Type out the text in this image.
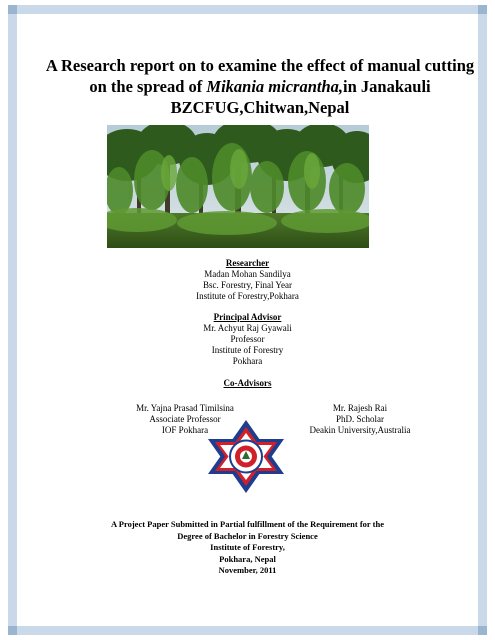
A Research report on to examine the effect of manual cutting
on the spread of Mikania micrantha,in Janakauli
BZCFUG,Chitwan,Nepal
Researcher
Madan Mohan Sandilya
Bsc. Forestry, Final Year
Institute of Forestry,Pokhara
Principal Advisor
Mr. Achyut Raj Gyawali
Professor
Institute of Forestry
Pokhara
Co-Advisors
Mr. Yajna Prasad Timilsina
Associate Professor
IOF Pokhara
Mr. Rajesh Rai
PhD. Scholar
Deakin University,Australia
A Project Paper Submitted in Partial fulfillment of the Requirement for the
Degree of Bachelor in Forestry Science
Institute of Forestry,
Pokhara, Nepal
November, 2011
